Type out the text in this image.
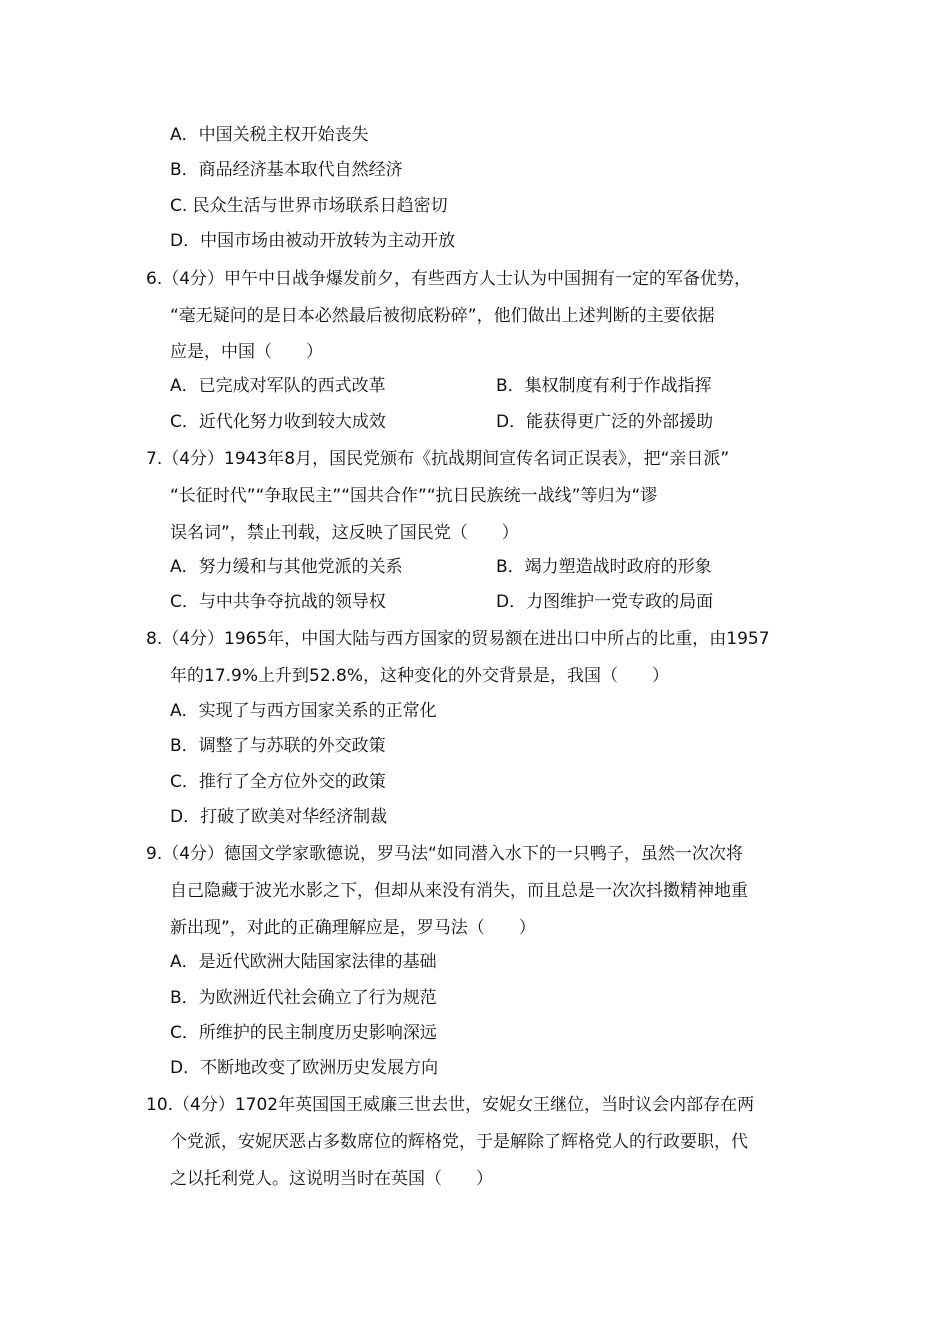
A．中国关税主权开始丧失
B．商品经济基本取代自然经济
C. 民众生活与世界市场联系日趋密切
D．中国市场由被动开放转为主动开放
6.（4分）甲午中日战争爆发前夕，有些西方人士认为中国拥有一定的军备优势，
“毫无疑问的是日本必然最后被彻底粉碎”，他们做出上述判断的主要依据
应是，中国（　　）
A．已完成对军队的西式改革	B．集权制度有利于作战指挥
C．近代化努力收到较大成效	D．能获得更广泛的外部援助
7.（4分）1943年8月，国民党颁布《抗战期间宣传名词正误表》，把“亲日派”
“长征时代”“争取民主”“国共合作”“抗日民族统一战线”等归为“谬
误名词”，禁止刊载，这反映了国民党（　　）
A．努力缓和与其他党派的关系	B．竭力塑造战时政府的形象
C．与中共争夺抗战的领导权	D．力图维护一党专政的局面
8.（4分）1965年，中国大陆与西方国家的贸易额在进出口中所占的比重，由1957
年的17.9%上升到52.8%，这种变化的外交背景是，我国（　　）
A．实现了与西方国家关系的正常化
B．调整了与苏联的外交政策
C．推行了全方位外交的政策
D．打破了欧美对华经济制裁
9.（4分）德国文学家歌德说，罗马法“如同潜入水下的一只鸭子，虽然一次次将
自己隐藏于波光水影之下，但却从来没有消失，而且总是一次次抖擞精神地重
新出现”，对此的正确理解应是，罗马法（　　）
A．是近代欧洲大陆国家法律的基础
B．为欧洲近代社会确立了行为规范
C．所维护的民主制度历史影响深远
D．不断地改变了欧洲历史发展方向
10.（4分）1702年英国国王威廉三世去世，安妮女王继位，当时议会内部存在两
个党派，安妮厌恶占多数席位的辉格党，于是解除了辉格党人的行政要职，代
之以托利党人。这说明当时在英国（　　）
